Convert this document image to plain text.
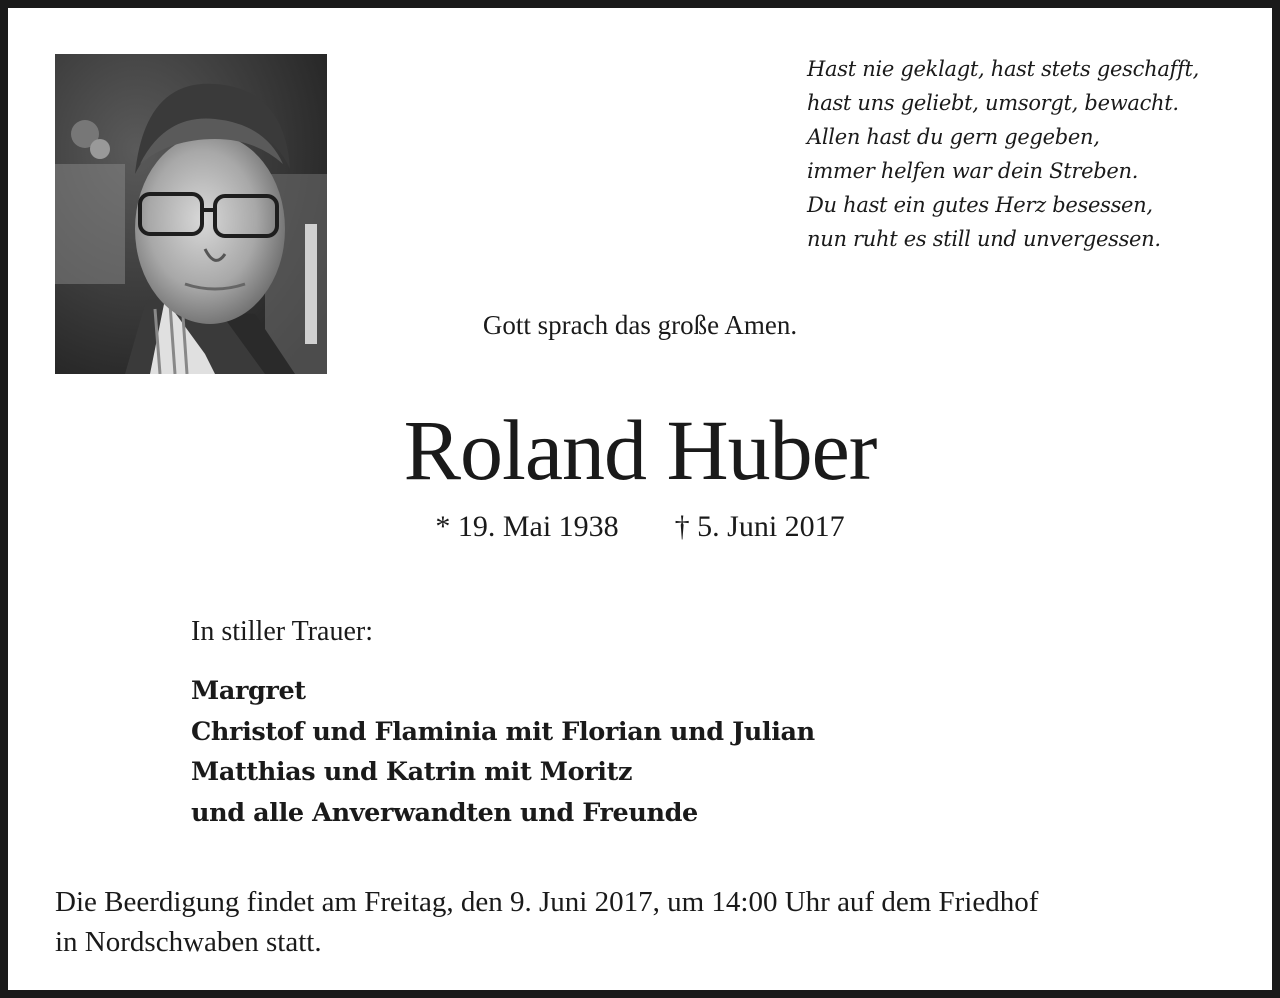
Hast nie geklagt, hast stets geschafft,
hast uns geliebt, umsorgt, bewacht.
Allen hast du gern gegeben,
immer helfen war dein Streben.
Du hast ein gutes Herz besessen,
nun ruht es still und unvergessen.
Gott sprach das große Amen.
Roland Huber
* 19. Mai 1938 † 5. Juni 2017
In stiller Trauer:
Margret
Christof und Flaminia mit Florian und Julian
Matthias und Katrin mit Moritz
und alle Anverwandten und Freunde
Die Beerdigung findet am Freitag, den 9. Juni 2017, um 14:00 Uhr auf dem Friedhof
in Nordschwaben statt.
